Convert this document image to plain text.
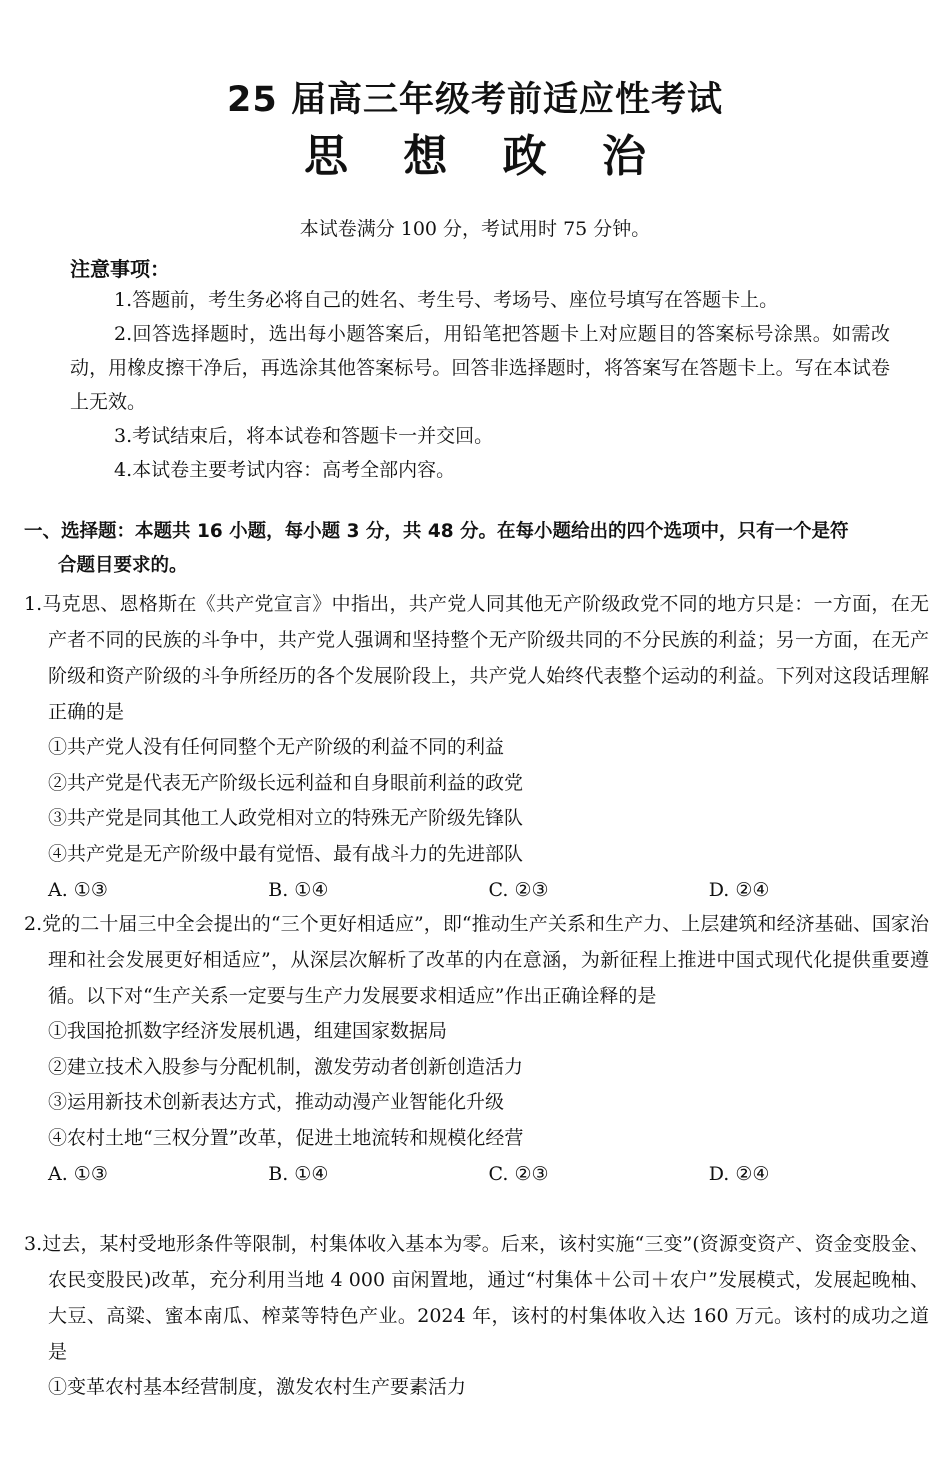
25 届高三年级考前适应性考试
思 想 政 治
本试卷满分 100 分，考试用时 75 分钟。
注意事项：

1.答题前，考生务必将自己的姓名、考生号、考场号、座位号填写在答题卡上。

2.回答选择题时，选出每小题答案后，用铅笔把答题卡上对应题目的答案标号涂黑。如需改动，用橡皮擦干净后，再选涂其他答案标号。回答非选择题时，将答案写在答题卡上。写在本试卷上无效。

3.考试结束后，将本试卷和答题卡一并交回。

4.本试卷主要考试内容：高考全部内容。

一、选择题：本题共 16 小题，每小题 3 分，共 48 分。在每小题给出的四个选项中，只有一个是符
合题目要求的。

1.马克思、恩格斯在《共产党宣言》中指出，共产党人同其他无产阶级政党不同的地方只是：一方面，在无产者不同的民族的斗争中，共产党人强调和坚持整个无产阶级共同的不分民族的利益；另一方面，在无产阶级和资产阶级的斗争所经历的各个发展阶段上，共产党人始终代表整个运动的利益。下列对这段话理解正确的是

①共产党人没有任何同整个无产阶级的利益不同的利益

②共产党是代表无产阶级长远利益和自身眼前利益的政党

③共产党是同其他工人政党相对立的特殊无产阶级先锋队

④共产党是无产阶级中最有觉悟、最有战斗力的先进部队

A. ①③	B. ①④	C. ②③	D. ②④

2.党的二十届三中全会提出的“三个更好相适应”，即“推动生产关系和生产力、上层建筑和经济基础、国家治理和社会发展更好相适应”，从深层次解析了改革的内在意涵，为新征程上推进中国式现代化提供重要遵循。以下对“生产关系一定要与生产力发展要求相适应”作出正确诠释的是

①我国抢抓数字经济发展机遇，组建国家数据局

②建立技术入股参与分配机制，激发劳动者创新创造活力

③运用新技术创新表达方式，推动动漫产业智能化升级

④农村土地“三权分置”改革，促进土地流转和规模化经营

A. ①③	B. ①④	C. ②③	D. ②④

3.过去，某村受地形条件等限制，村集体收入基本为零。后来，该村实施“三变”(资源变资产、资金变股金、农民变股民)改革，充分利用当地 4 000 亩闲置地，通过“村集体＋公司＋农户”发展模式，发展起晚柚、大豆、高粱、蜜本南瓜、榨菜等特色产业。2024 年，该村的村集体收入达 160 万元。该村的成功之道是

①变革农村基本经营制度，激发农村生产要素活力
